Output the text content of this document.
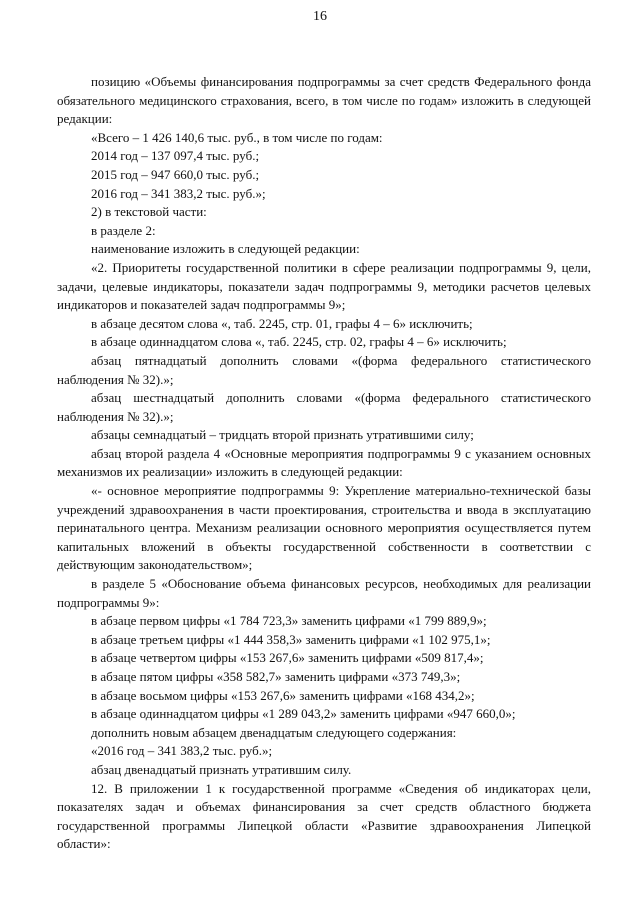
16

позицию «Объемы финансирования подпрограммы за счет средств Федерального фонда обязательного медицинского страхования, всего, в том числе по годам» изложить в следующей редакции:

«Всего – 1 426 140,6 тыс. руб., в том числе по годам:

2014 год – 137 097,4 тыс. руб.;

2015 год – 947 660,0 тыс. руб.;

2016 год – 341 383,2 тыс. руб.»;

2) в текстовой части:

в разделе 2:

наименование изложить в следующей редакции:

«2. Приоритеты государственной политики в сфере реализации подпрограммы 9, цели, задачи, целевые индикаторы, показатели задач подпрограммы 9, методики расчетов целевых индикаторов и показателей задач подпрограммы 9»;

в абзаце десятом слова «, таб. 2245, стр. 01, графы 4 – 6» исключить;

в абзаце одиннадцатом слова «, таб. 2245, стр. 02, графы 4 – 6» исключить;

абзац пятнадцатый дополнить словами «(форма федерального статистического наблюдения № 32).»;

абзац шестнадцатый дополнить словами «(форма федерального статистического наблюдения № 32).»;

абзацы семнадцатый – тридцать второй признать утратившими силу;

абзац второй раздела 4 «Основные мероприятия подпрограммы 9 с указанием основных механизмов их реализации» изложить в следующей редакции:

«- основное мероприятие подпрограммы 9: Укрепление материально-технической базы учреждений здравоохранения в части проектирования, строительства и ввода в эксплуатацию перинатального центра. Механизм реализации основного мероприятия осуществляется путем капитальных вложений в объекты государственной собственности в соответствии с действующим законодательством»;

в разделе 5 «Обоснование объема финансовых ресурсов, необходимых для реализации подпрограммы 9»:

в абзаце первом цифры «1 784 723,3» заменить цифрами «1 799 889,9»;

в абзаце третьем цифры «1 444 358,3» заменить цифрами «1 102 975,1»;

в абзаце четвертом цифры «153 267,6» заменить цифрами «509 817,4»;

в абзаце пятом цифры «358 582,7» заменить цифрами «373 749,3»;

в абзаце восьмом цифры «153 267,6» заменить цифрами «168 434,2»;

в абзаце одиннадцатом цифры «1 289 043,2» заменить цифрами «947 660,0»;

дополнить новым абзацем двенадцатым следующего содержания:

«2016 год – 341 383,2 тыс. руб.»;

абзац двенадцатый признать утратившим силу.

12. В приложении 1 к государственной программе «Сведения об индикаторах цели, показателях задач и объемах финансирования за счет средств областного бюджета государственной программы Липецкой области «Развитие здравоохранения Липецкой области»:
